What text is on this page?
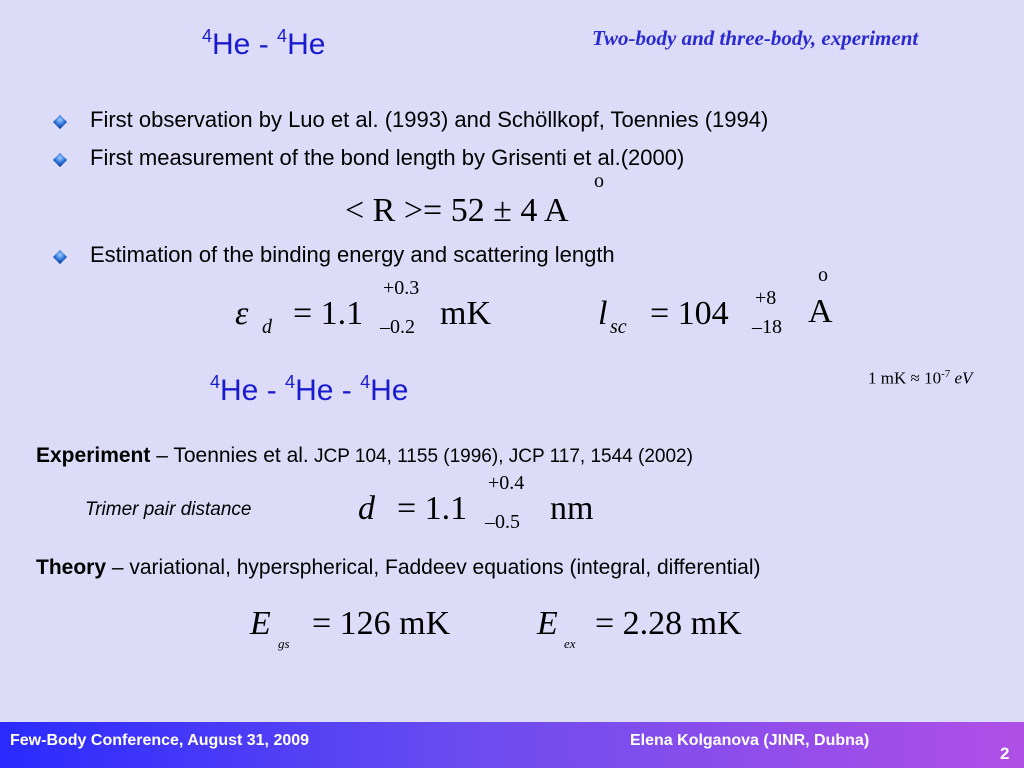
$^4$He - $^4$He	Two-body and three-body, experiment
First observation by Luo et al. (1993) and Schöllkopf, Toennies (1994)
First measurement of the bond length by Grisenti et al.(2000)
< R >= 52 ± 4 A
o
Estimation of the binding energy and scattering length
ε d = 1.1
+0.3
–0.2 mK	l sc = 104 +8
–18 A
o
1 mK ≈ $10^{-7}$ eV
$^4$He - $^4$He - $^4$He
Experiment – Toennies et al. JCP 104, 1155 (1996), JCP 117, 1544 (2002)
Trimer pair distance	d = 1.1
+0.4
–0.5 nm
Theory – variational, hyperspherical, Faddeev equations (integral, differential)
E
gs
= 126 mK	E
ex
= 2.28 mK
Few-Body Conference, August 31, 2009	Elena Kolganova (JINR, Dubna)
2
